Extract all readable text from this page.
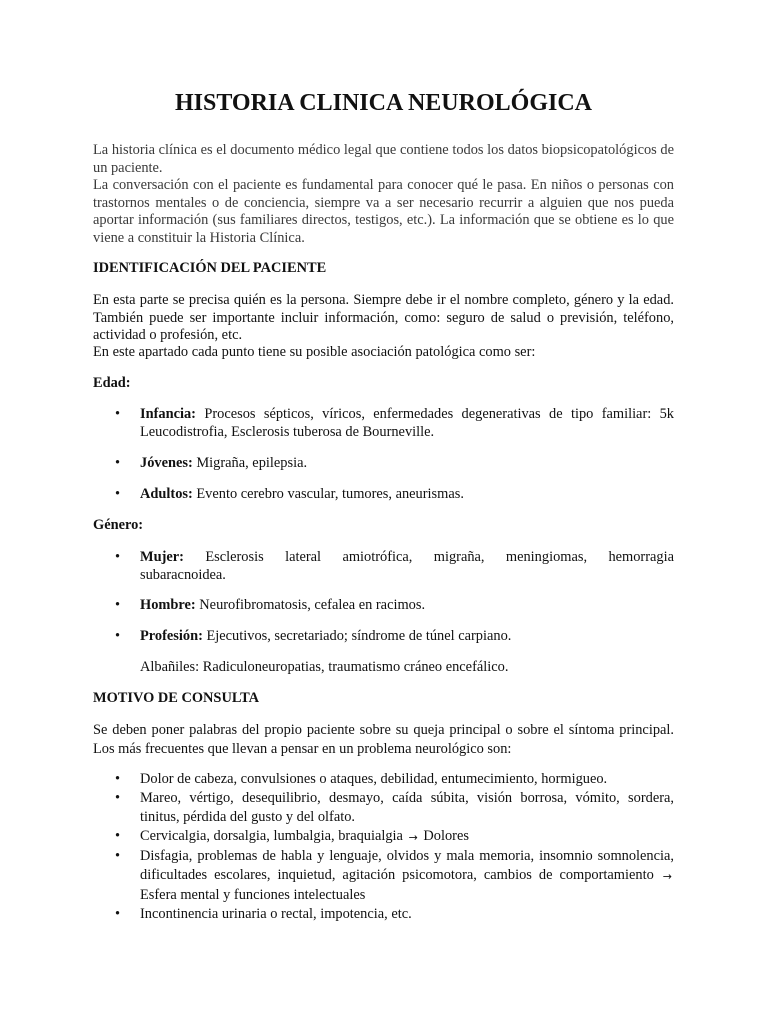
HISTORIA CLINICA NEUROLÓGICA

La historia clínica es el documento médico legal que contiene todos los datos biopsicopatológicos de un paciente.

La conversación con el paciente es fundamental para conocer qué le pasa. En niños o personas con trastornos mentales o de conciencia, siempre va a ser necesario recurrir a alguien que nos pueda aportar información (sus familiares directos, testigos, etc.). La información que se obtiene es lo que viene a constituir la Historia Clínica.

IDENTIFICACIÓN DEL PACIENTE

En esta parte se precisa quién es la persona. Siempre debe ir el nombre completo, género y la edad. También puede ser importante incluir información, como: seguro de salud o previsión, teléfono, actividad o profesión, etc.

En este apartado cada punto tiene su posible asociación patológica como ser:

Edad:

•	Infancia: Procesos sépticos, víricos, enfermedades degenerativas de tipo familiar: 5k Leucodistrofia, Esclerosis tuberosa de Bourneville.
•	Jóvenes: Migraña, epilepsia.
•	Adultos: Evento cerebro vascular, tumores, aneurismas.

Género:

•	Mujer: Esclerosis lateral amiotrófica, migraña, meningiomas, hemorragia
subaracnoidea.
•	Hombre: Neurofibromatosis, cefalea en racimos.
•	Profesión: Ejecutivos, secretariado; síndrome de túnel carpiano.

Albañiles: Radiculoneuropatias, traumatismo cráneo encefálico.

MOTIVO DE CONSULTA

Se deben poner palabras del propio paciente sobre su queja principal o sobre el síntoma principal. Los más frecuentes que llevan a pensar en un problema neurológico son:

•	Dolor de cabeza, convulsiones o ataques, debilidad, entumecimiento, hormigueo.
•	Mareo, vértigo, desequilibrio, desmayo, caída súbita, visión borrosa, vómito, sordera, tinitus, pérdida del gusto y del olfato.
•	Cervicalgia, dorsalgia, lumbalgia, braquialgia → Dolores
•	Disfagia, problemas de habla y lenguaje, olvidos y mala memoria, insomnio somnolencia, dificultades escolares, inquietud, agitación psicomotora, cambios de comportamiento → Esfera mental y funciones intelectuales
•	Incontinencia urinaria o rectal, impotencia, etc.
